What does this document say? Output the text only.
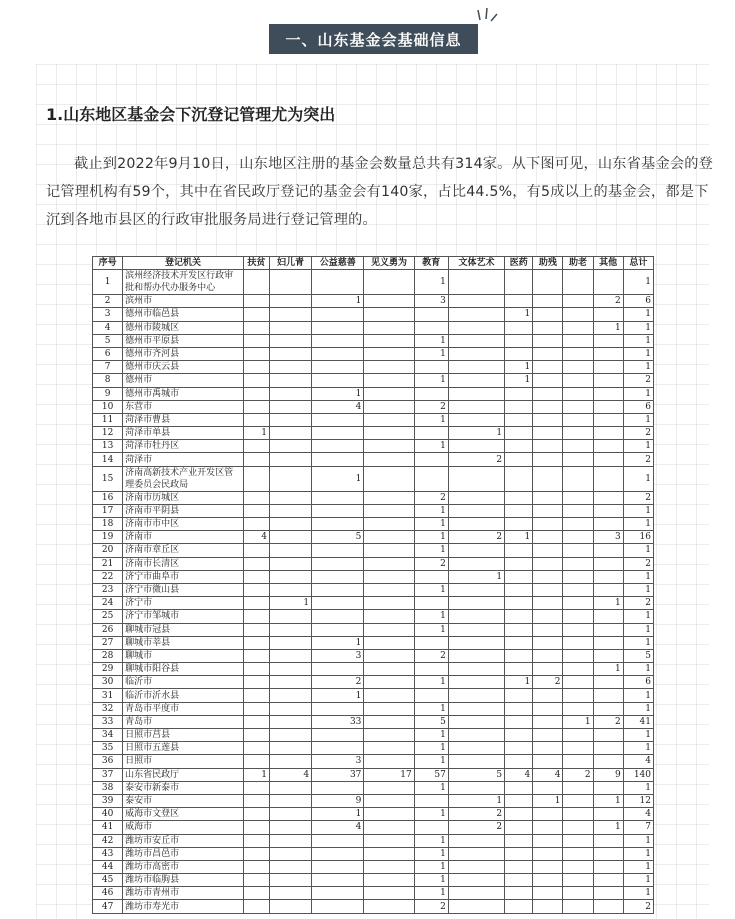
一、山东基金会基础信息
1.山东地区基金会下沉登记管理尤为突出
截止到2022年9月10日，山东地区注册的基金会数量总共有314家。从下图可见，山东省基金会的登记管理机构有59个，其中在省民政厅登记的基金会有140家，占比44.5%，有5成以上的基金会，都是下沉到各地市县区的行政审批服务局进行登记管理的。
序号	登记机关	扶贫	妇儿青	公益慈善	见义勇为	教育	文体艺术	医药	助残	助老	其他	总计
1	滨州经济技术开发区行政审批和帮办代办服务中心					1						1
2	滨州市			1		3					2	6
3	德州市临邑县							1				1
4	德州市陵城区										1	1
5	德州市平原县					1						1
6	德州市齐河县					1						1
7	德州市庆云县							1				1
8	德州市					1		1				2
9	德州市禹城市			1								1
10	东营市			4		2						6
11	菏泽市曹县					1						1
12	菏泽市单县	1					1					2
13	菏泽市牡丹区					1						1
14	菏泽市						2					2
15	济南高新技术产业开发区管理委员会民政局			1								1
16	济南市历城区					2						2
17	济南市平阴县					1						1
18	济南市市中区					1						1
19	济南市	4		5		1	2	1			3	16
20	济南市章丘区					1						1
21	济南市长清区					2						2
22	济宁市曲阜市						1					1
23	济宁市微山县					1						1
24	济宁市		1								1	2
25	济宁市邹城市					1						1
26	聊城市冠县					1						1
27	聊城市莘县			1								1
28	聊城市			3		2						5
29	聊城市阳谷县										1	1
30	临沂市			2		1		1	2			6
31	临沂市沂水县			1								1
32	青岛市平度市					1						1
33	青岛市			33		5				1	2	41
34	日照市莒县					1						1
35	日照市五莲县					1						1
36	日照市			3		1						4
37	山东省民政厅	1	4	37	17	57	5	4	4	2	9	140
38	泰安市新泰市					1						1
39	泰安市			9			1		1		1	12
40	威海市文登区			1		1	2					4
41	威海市			4			2				1	7
42	潍坊市安丘市					1						1
43	潍坊市昌邑市					1						1
44	潍坊市高密市					1						1
45	潍坊市临朐县					1						1
46	潍坊市青州市					1						1
47	潍坊市寿光市					2						2
